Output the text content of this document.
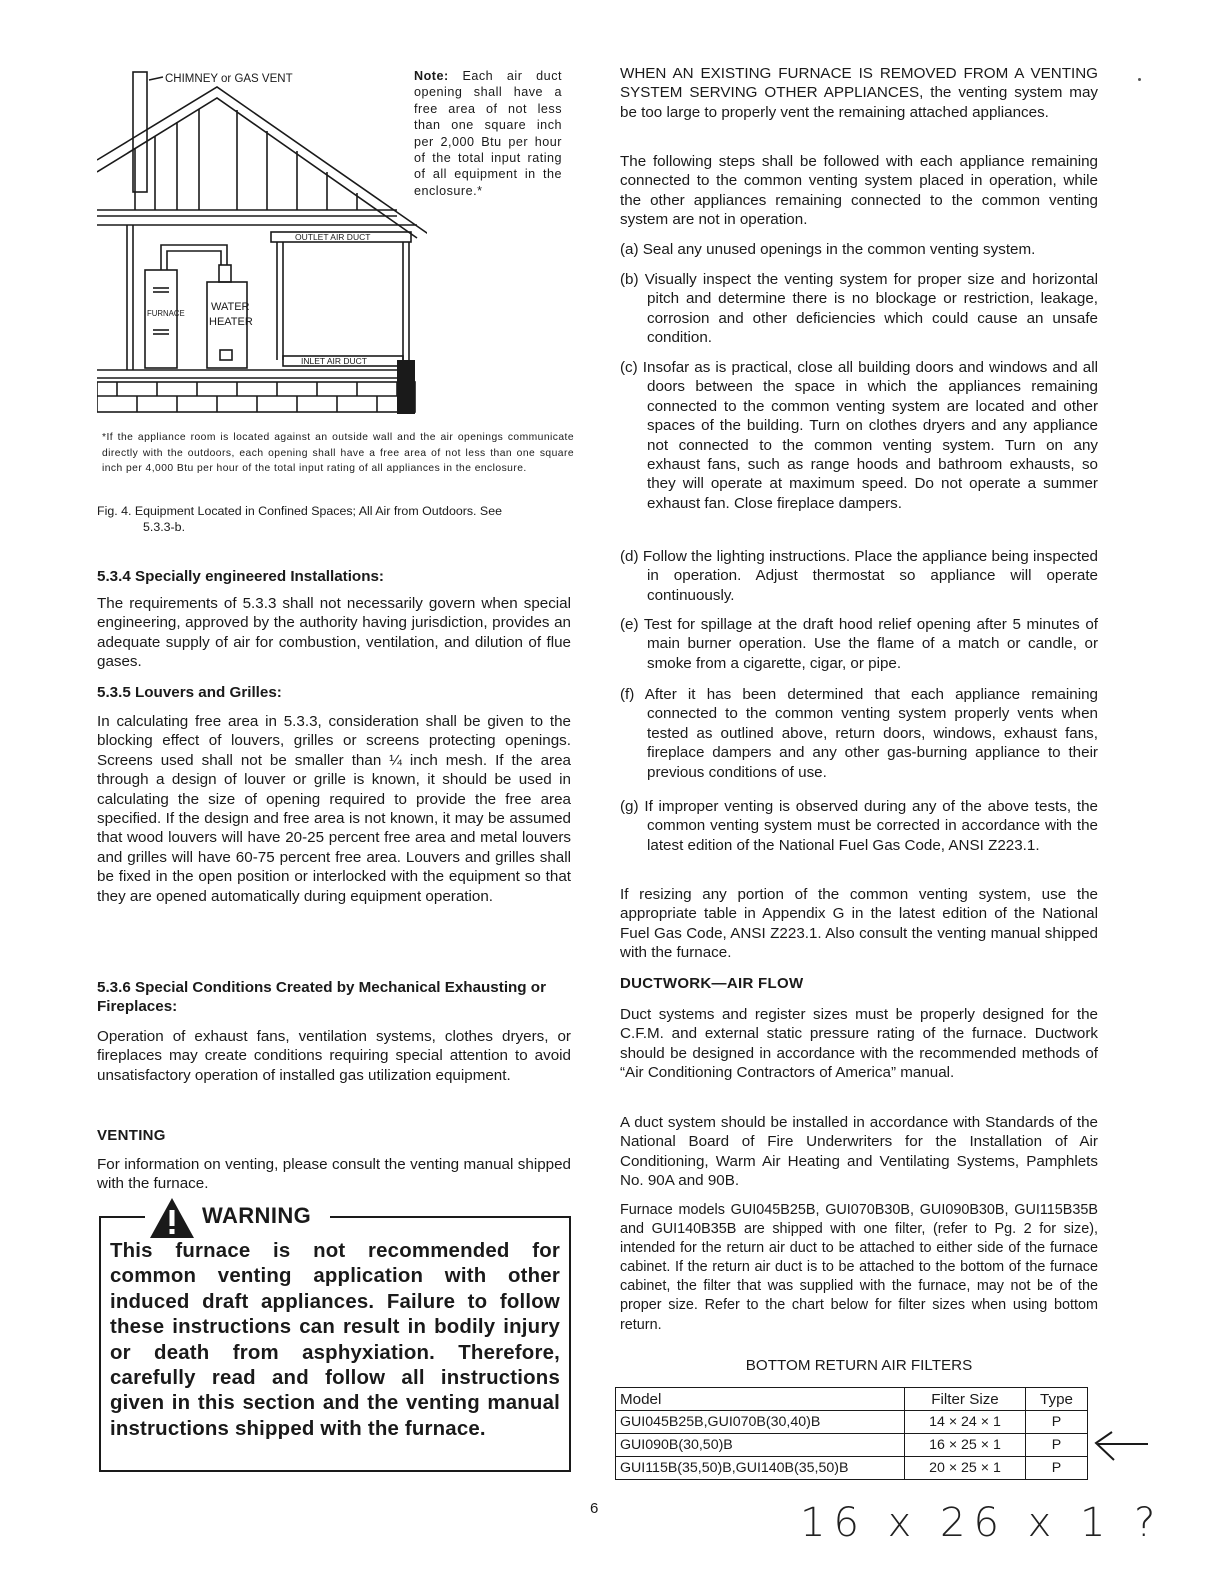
CHIMNEY or GAS VENT
OUTLET AIR DUCT
INLET AIR DUCT
FURNACE
WATER
HEATER
Note: Each air duct opening shall have a free area of not less than one square inch per 2,000 Btu per hour of the total input rating of all equipment in the enclosure.*
*If the appliance room is located against an outside wall and the air openings communicate directly with the outdoors, each opening shall have a free area of not less than one square inch per 4,000 Btu per hour of the total input rating of all appliances in the enclosure.
Fig. 4. Equipment Located in Confined Spaces; All Air from Outdoors. See
5.3.3-b.
5.3.4 Specially engineered Installations:

The requirements of 5.3.3 shall not necessarily govern when special engineering, approved by the authority having jurisdiction, provides an adequate supply of air for combustion, ventilation, and dilution of flue gases.

5.3.5 Louvers and Grilles:

In calculating free area in 5.3.3, consideration shall be given to the blocking effect of louvers, grilles or screens protecting openings. Screens used shall not be smaller than ¼ inch mesh. If the area through a design of louver or grille is known, it should be used in calculating the size of opening required to provide the free area specified. If the design and free area is not known, it may be assumed that wood louvers will have 20-25 percent free area and metal louvers and grilles will have 60-75 percent free area. Louvers and grilles shall be fixed in the open position or interlocked with the equipment so that they are opened automatically during equipment operation.

5.3.6 Special Conditions Created by Mechanical Exhausting or Fireplaces:

Operation of exhaust fans, ventilation systems, clothes dryers, or fireplaces may create conditions requiring special attention to avoid unsatisfactory operation of installed gas utilization equipment.

VENTING

For information on venting, please consult the venting manual shipped with the furnace.

WARNING
This furnace is not recommended for common venting application with other induced draft appliances. Failure to follow these instructions can result in bodily injury or death from asphyxiation. Therefore, carefully read and follow all instructions given in this section and the venting manual instructions shipped with the furnace.
6

WHEN AN EXISTING FURNACE IS REMOVED FROM A VENTING SYSTEM SERVING OTHER APPLIANCES, the venting system may be too large to properly vent the remaining attached appliances.

The following steps shall be followed with each appliance remaining connected to the common venting system placed in operation, while the other appliances remaining connected to the common venting system are not in operation.

(a) Seal any unused openings in the common venting system.
(b) Visually inspect the venting system for proper size and horizontal pitch and determine there is no blockage or restriction, leakage, corrosion and other deficiencies which could cause an unsafe condition.
(c) Insofar as is practical, close all building doors and windows and all doors between the space in which the appliances remaining connected to the common venting system are located and other spaces of the building. Turn on clothes dryers and any appliance not connected to the common venting system. Turn on any exhaust fans, such as range hoods and bathroom exhausts, so they will operate at maximum speed. Do not operate a summer exhaust fan. Close fireplace dampers.
(d) Follow the lighting instructions. Place the appliance being inspected in operation. Adjust thermostat so appliance will operate continuously.
(e) Test for spillage at the draft hood relief opening after 5 minutes of main burner operation. Use the flame of a match or candle, or smoke from a cigarette, cigar, or pipe.
(f) After it has been determined that each appliance remaining connected to the common venting system properly vents when tested as outlined above, return doors, windows, exhaust fans, fireplace dampers and any other gas-burning appliance to their previous conditions of use.
(g) If improper venting is observed during any of the above tests, the common venting system must be corrected in accordance with the latest edition of the National Fuel Gas Code, ANSI Z223.1.

If resizing any portion of the common venting system, use the appropriate table in Appendix G in the latest edition of the National Fuel Gas Code, ANSI Z223.1. Also consult the venting manual shipped with the furnace.

DUCTWORK—AIR FLOW

Duct systems and register sizes must be properly designed for the C.F.M. and external static pressure rating of the furnace. Ductwork should be designed in accordance with the recommended methods of “Air Conditioning Contractors of America” manual.

A duct system should be installed in accordance with Standards of the National Board of Fire Underwriters for the Installation of Air Conditioning, Warm Air Heating and Ventilating Systems, Pamphlets No. 90A and 90B.

Furnace models GUI045B25B, GUI070B30B, GUI090B30B, GUI115B35B and GUI140B35B are shipped with one filter, (refer to Pg. 2 for size), intended for the return air duct to be attached to either side of the furnace cabinet. If the return air duct is to be attached to the bottom of the furnace cabinet, the filter that was supplied with the furnace, may not be of the proper size. Refer to the chart below for filter sizes when using bottom return.

BOTTOM RETURN AIR FILTERS
Model	Filter Size	Type
GUI045B25B,GUI070B(30,40)B	14 × 24 × 1	P
GUI090B(30,50)B	16 × 25 × 1	P
GUI115B(35,50)B,GUI140B(35,50)B	20 × 25 × 1	P
16 x 26 x 1 ?
